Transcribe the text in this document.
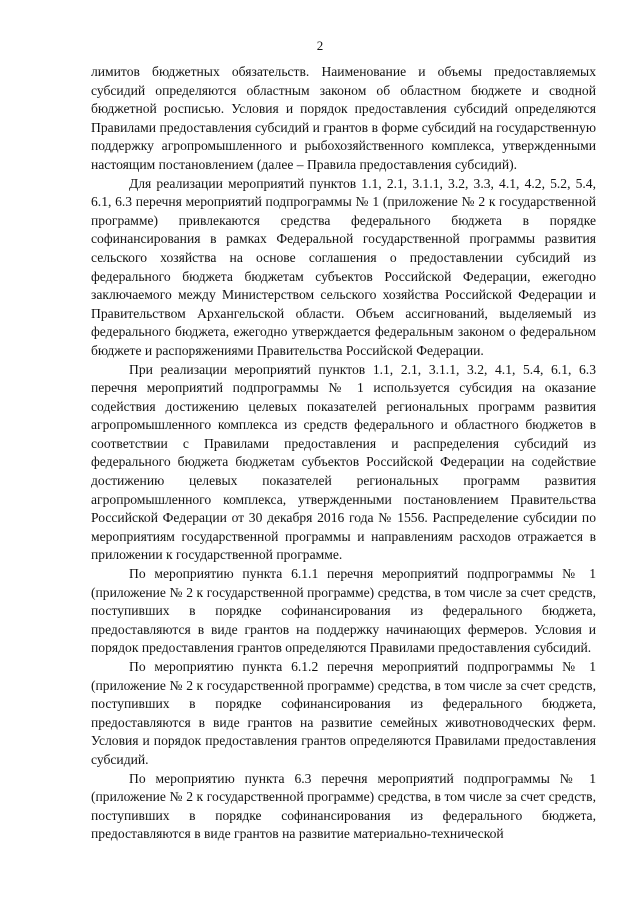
2

лимитов бюджетных обязательств. Наименование и объемы предоставляемых субсидий определяются областным законом об областном бюджете и сводной бюджетной росписью. Условия и порядок предоставления субсидий определяются Правилами предоставления субсидий и грантов в форме субсидий на государственную поддержку агропромышленного и рыбохозяйственного комплекса, утвержденными настоящим постановлением (далее – Правила предоставления субсидий).

Для реализации мероприятий пунктов 1.1, 2.1, 3.1.1, 3.2, 3.3, 4.1, 4.2, 5.2, 5.4, 6.1, 6.3 перечня мероприятий подпрограммы № 1 (приложение № 2 к государственной программе) привлекаются средства федерального бюджета в порядке софинансирования в рамках Федеральной государственной программы развития сельского хозяйства на основе соглашения о предоставлении субсидий из федерального бюджета бюджетам субъектов Российской Федерации, ежегодно заключаемого между Министерством сельского хозяйства Российской Федерации и Правительством Архангельской области. Объем ассигнований, выделяемый из федерального бюджета, ежегодно утверждается федеральным законом о федеральном бюджете и распоряжениями Правительства Российской Федерации.

При реализации мероприятий пунктов 1.1, 2.1, 3.1.1, 3.2, 4.1, 5.4, 6.1, 6.3 перечня мероприятий подпрограммы № 1 используется субсидия на оказание содействия достижению целевых показателей региональных программ развития агропромышленного комплекса из средств федерального и областного бюджетов в соответствии с Правилами предоставления и распределения субсидий из федерального бюджета бюджетам субъектов Российской Федерации на содействие достижению целевых показателей региональных программ развития агропромышленного комплекса, утвержденными постановлением Правительства Российской Федерации от 30 декабря 2016 года № 1556. Распределение субсидии по мероприятиям государственной программы и направлениям расходов отражается в приложении к государственной программе.

По мероприятию пункта 6.1.1 перечня мероприятий подпрограммы № 1 (приложение № 2 к государственной программе) средства, в том числе за счет средств, поступивших в порядке софинансирования из федерального бюджета, предоставляются в виде грантов на поддержку начинающих фермеров. Условия и порядок предоставления грантов определяются Правилами предоставления субсидий.

По мероприятию пункта 6.1.2 перечня мероприятий подпрограммы № 1 (приложение № 2 к государственной программе) средства, в том числе за счет средств, поступивших в порядке софинансирования из федерального бюджета, предоставляются в виде грантов на развитие семейных животноводческих ферм. Условия и порядок предоставления грантов определяются Правилами предоставления субсидий.

По мероприятию пункта 6.3 перечня мероприятий подпрограммы № 1 (приложение № 2 к государственной программе) средства, в том числе за счет средств, поступивших в порядке софинансирования из федерального бюджета, предоставляются в виде грантов на развитие материально-технической
